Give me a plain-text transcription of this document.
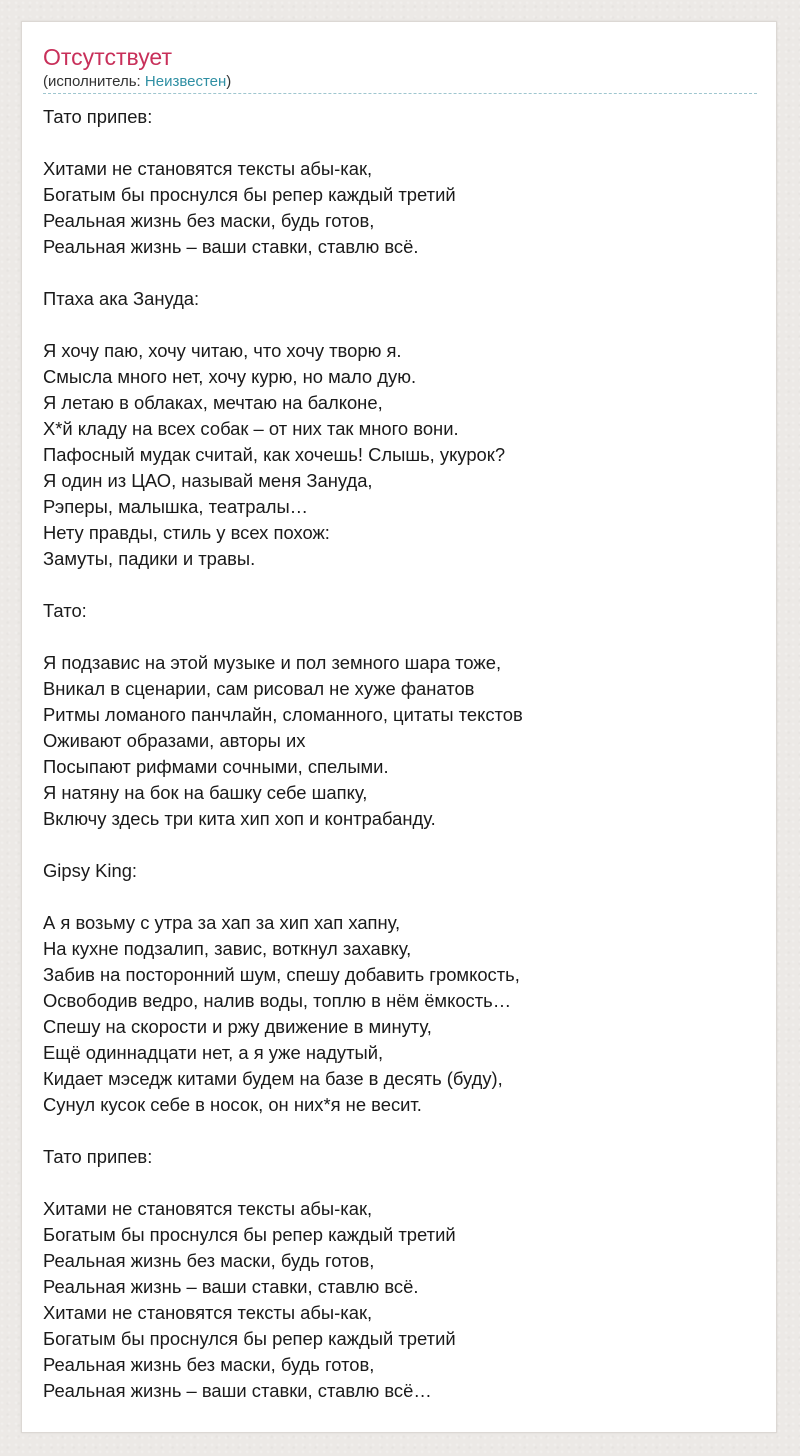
Отсутствует
(исполнитель: Неизвестен)
Тато припев:

Хитами не становятся тексты абы-как,
Богатым бы проснулся бы репер каждый третий
Реальная жизнь без маски, будь готов,
Реальная жизнь – ваши ставки, ставлю всё.

Птаха ака Зануда:

Я хочу паю, хочу читаю, что хочу творю я.
Смысла много нет, хочу курю, но мало дую.
Я летаю в облаках, мечтаю на балконе,
Х*й кладу на всех собак – от них так много вони.
Пафосный мудак считай, как хочешь! Слышь, укурок?
Я один из ЦАО, называй меня Зануда,
Рэперы, малышка, театралы…
Нету правды, стиль у всех похож:
Замуты, падики и травы.

Тато:

Я подзавис на этой музыке и пол земного шара тоже,
Вникал в сценарии, сам рисовал не хуже фанатов
Ритмы ломаного панчлайн, сломанного, цитаты текстов
Оживают образами, авторы их
Посыпают рифмами сочными, спелыми.
Я натяну на бок на башку себе шапку,
Включу здесь три кита хип хоп и контрабанду.

Gipsy King:

А я возьму с утра за хап за хип хап хапну,
На кухне подзалип, завис, воткнул захавку,
Забив на посторонний шум, спешу добавить громкость,
Освободив ведро, налив воды, топлю в нём ёмкость…
Спешу на скорости и ржу движение в минуту,
Ещё одиннадцати нет, а я уже надутый,
Кидает мэседж китами будем на базе в десять (буду),
Сунул кусок себе в носок, он них*я не весит.

Тато припев:

Хитами не становятся тексты абы-как,
Богатым бы проснулся бы репер каждый третий
Реальная жизнь без маски, будь готов,
Реальная жизнь – ваши ставки, ставлю всё.
Хитами не становятся тексты абы-как,
Богатым бы проснулся бы репер каждый третий
Реальная жизнь без маски, будь готов,
Реальная жизнь – ваши ставки, ставлю всё…
